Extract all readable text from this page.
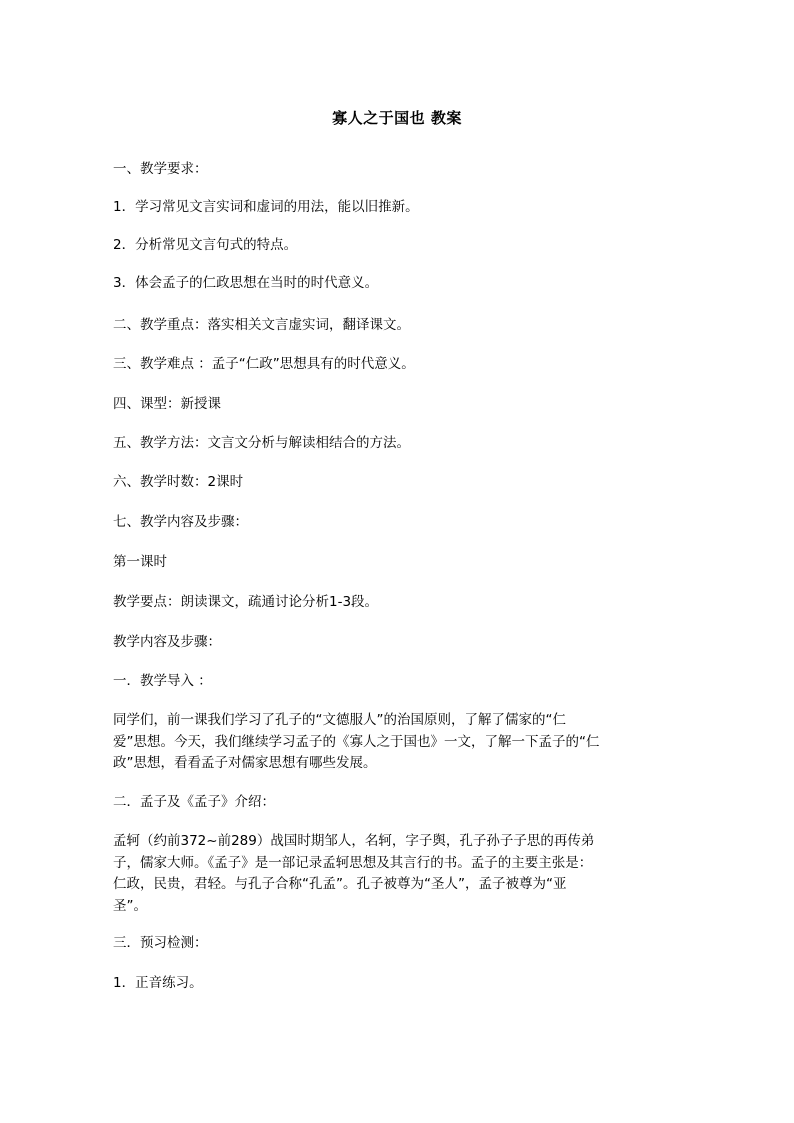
寡人之于国也 教案
一、教学要求：
1．学习常见文言实词和虚词的用法，能以旧推新。
2．分析常见文言句式的特点。
3．体会孟子的仁政思想在当时的时代意义。
二、教学重点：落实相关文言虚实词，翻译课文。
三、教学难点 ：孟子“仁政”思想具有的时代意义。
四、课型：新授课
五、教学方法：文言文分析与解读相结合的方法。
六、教学时数：2课时
七、教学内容及步骤：
第一课时
教学要点：朗读课文，疏通讨论分析1-3段。
教学内容及步骤：
一．教学导入 ：
同学们，前一课我们学习了孔子的“文德服人”的治国原则，了解了儒家的“仁
爱”思想。今天，我们继续学习孟子的《寡人之于国也》一文，了解一下孟子的“仁
政”思想，看看孟子对儒家思想有哪些发展。
二．孟子及《孟子》介绍：
孟轲（约前372~前289）战国时期邹人，名轲，字子舆，孔子孙子子思的再传弟
子，儒家大师。《孟子》是一部记录孟轲思想及其言行的书。孟子的主要主张是：
仁政，民贵，君轻。与孔子合称“孔孟”。孔子被尊为“圣人”，孟子被尊为“亚
圣”。
三．预习检测：
1．正音练习。
